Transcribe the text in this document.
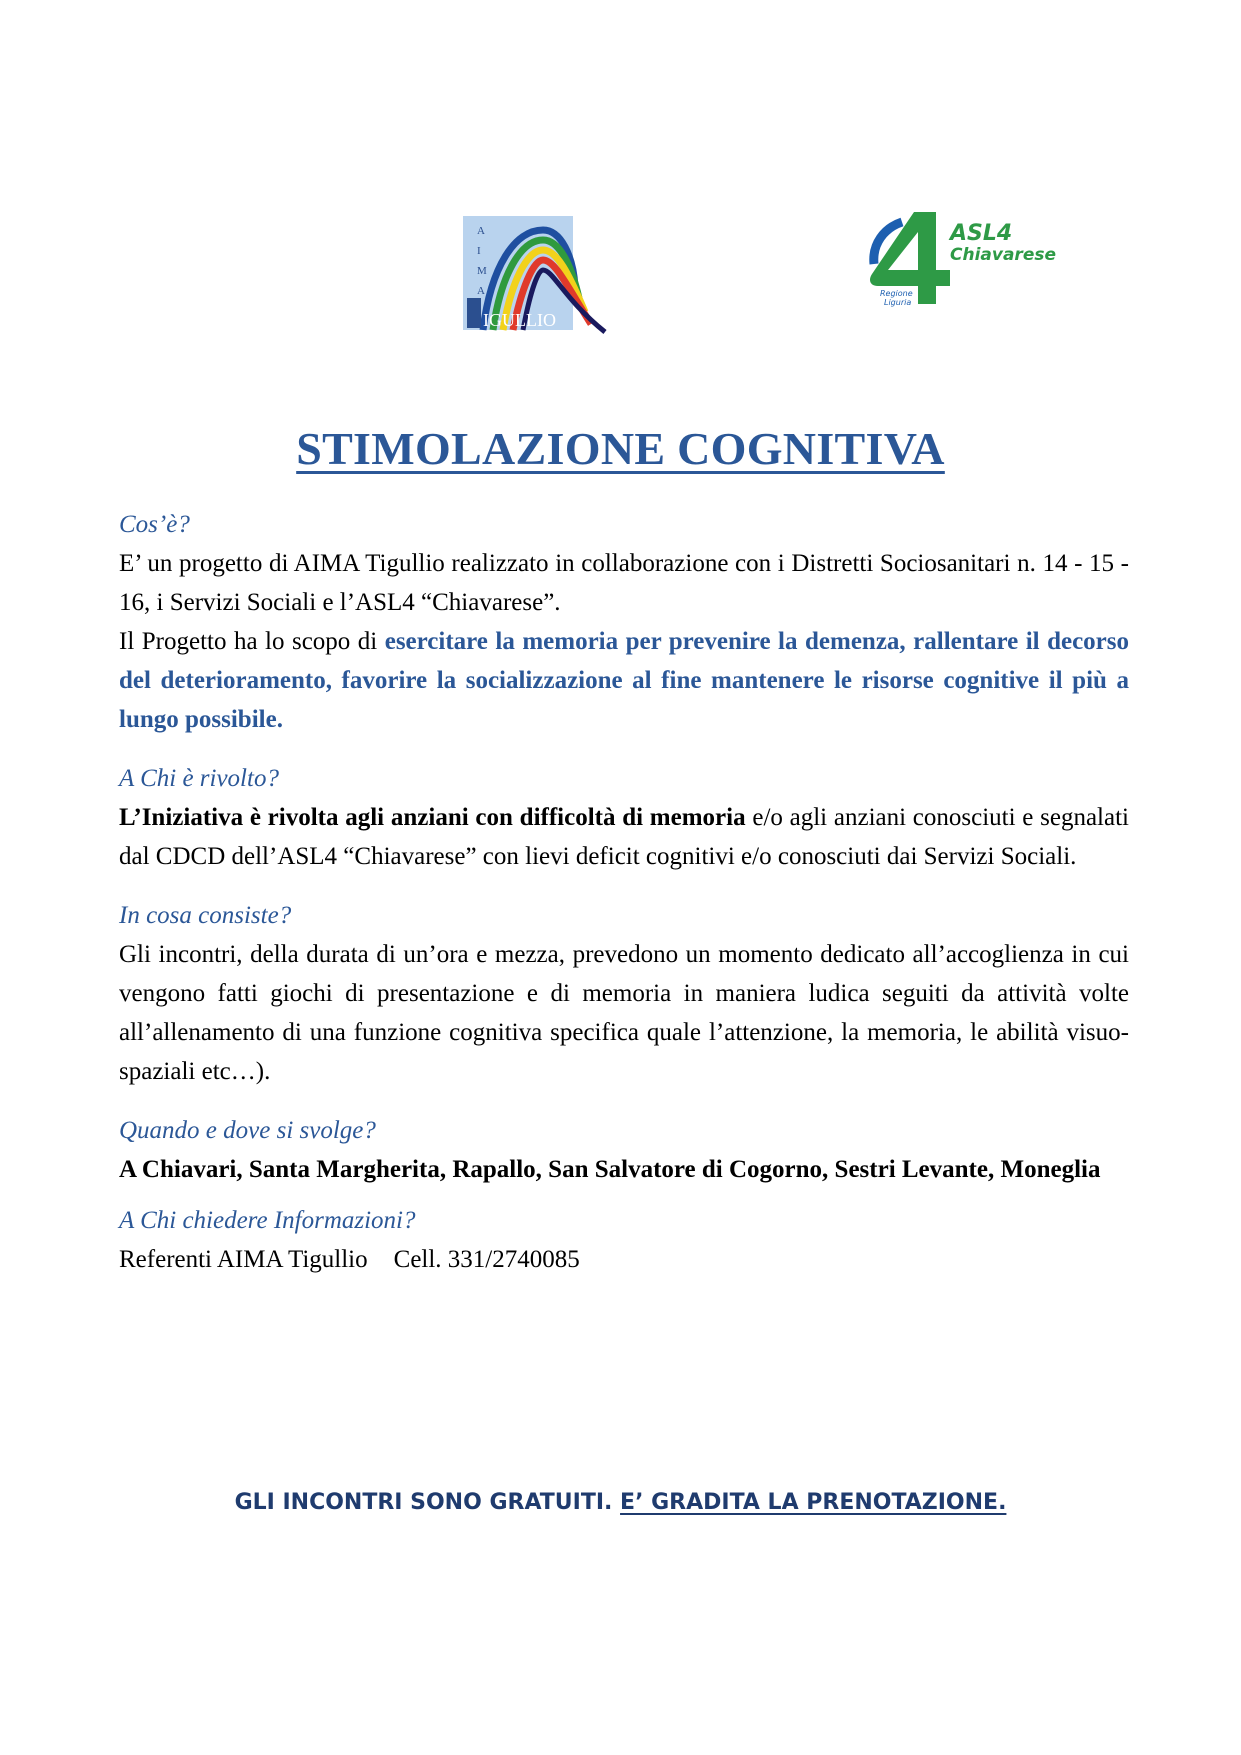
A
I
M
A
IGULLIO
ASL4
Chiavarese
Regione
Liguria
STIMOLAZIONE COGNITIVA

Cos’è?

E’ un progetto di AIMA Tigullio realizzato in collaborazione con i Distretti Sociosanitari n. 14 - 15 - 16, i Servizi Sociali e l’ASL4 “Chiavarese”.

Il Progetto ha lo scopo di esercitare la memoria per prevenire la demenza, rallentare il decorso del deterioramento, favorire la socializzazione al fine mantenere le risorse cognitive il più a lungo possibile.

A Chi è rivolto?

L’Iniziativa è rivolta agli anziani con difficoltà di memoria e/o agli anziani conosciuti e segnalati dal CDCD dell’ASL4 “Chiavarese” con lievi deficit cognitivi e/o conosciuti dai Servizi Sociali.

In cosa consiste?

Gli incontri, della durata di un’ora e mezza, prevedono un momento dedicato all’accoglienza in cui vengono fatti giochi di presentazione e di memoria in maniera ludica seguiti da attività volte all’allenamento di una funzione cognitiva specifica quale l’attenzione, la memoria, le abilità visuo-spaziali etc…).

Quando e dove si svolge?

A Chiavari, Santa Margherita, Rapallo, San Salvatore di Cogorno, Sestri Levante, Moneglia

A Chi chiedere Informazioni?

Referenti AIMA Tigullio Cell. 331/2740085

GLI INCONTRI SONO GRATUITI. E’ GRADITA LA PRENOTAZIONE.
